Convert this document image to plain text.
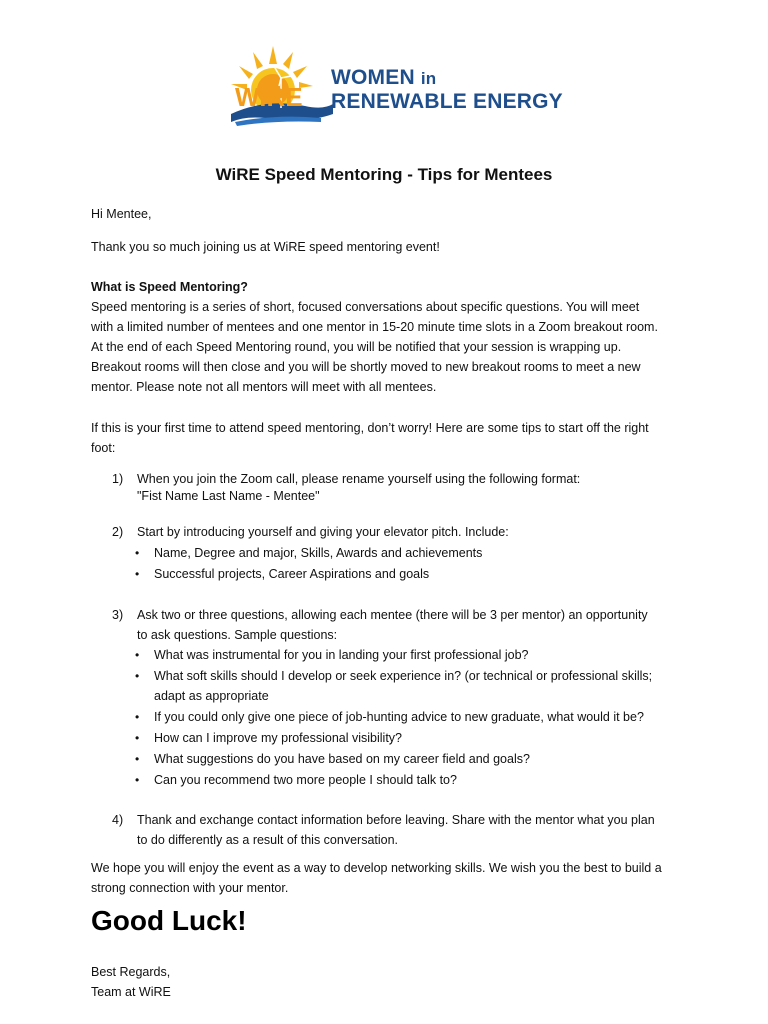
WiRE
WOMEN in
RENEWABLE ENERGY
WiRE Speed Mentoring - Tips for Mentees
Hi Mentee,
Thank you so much joining us at WiRE speed mentoring event!
What is Speed Mentoring?
Speed mentoring is a series of short, focused conversations about specific questions. You will meet with a limited number of mentees and one mentor in 15-20 minute time slots in a Zoom breakout room. At the end of each Speed Mentoring round, you will be notified that your session is wrapping up. Breakout rooms will then close and you will be shortly moved to new breakout rooms to meet a new mentor. Please note not all mentors will meet with all mentees.
If this is your first time to attend speed mentoring, don’t worry! Here are some tips to start off the right foot:
1) When you join the Zoom call, please rename yourself using the following format:
"Fist Name Last Name - Mentee"
2) Start by introducing yourself and giving your elevator pitch. Include:
• Name, Degree and major, Skills, Awards and achievements
• Successful projects, Career Aspirations and goals
3) Ask two or three questions, allowing each mentee (there will be 3 per mentor) an opportunity
to ask questions. Sample questions:
• What was instrumental for you in landing your first professional job?
• What soft skills should I develop or seek experience in? (or technical or professional skills;
adapt as appropriate
• If you could only give one piece of job-hunting advice to new graduate, what would it be?
• How can I improve my professional visibility?
• What suggestions do you have based on my career field and goals?
• Can you recommend two more people I should talk to?
4) Thank and exchange contact information before leaving. Share with the mentor what you plan
to do differently as a result of this conversation.
We hope you will enjoy the event as a way to develop networking skills. We wish you the best to build a strong connection with your mentor.
Good Luck!
Best Regards,
Team at WiRE
